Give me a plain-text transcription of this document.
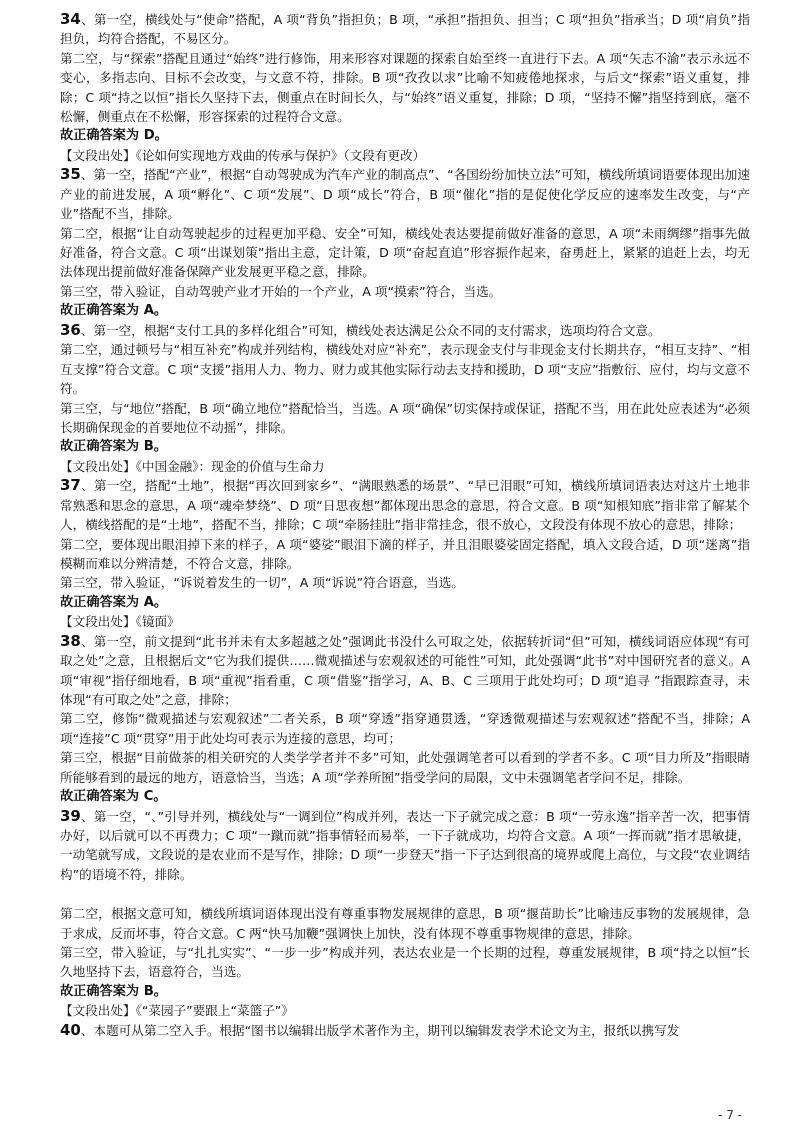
34、第一空，横线处与“使命”搭配，A 项“背负”指担负；B 项，“承担”指担负、担当；C 项“担负”指承当；D 项“肩负”指担负，均符合搭配，不易区分。

第二空，与“探索”搭配且通过“始终”进行修饰，用来形容对课题的探索自始至终一直进行下去。A 项“矢志不渝”表示永远不变心，多指志向、目标不会改变，与文意不符，排除。B 项“孜孜以求”比喻不知疲倦地探求，与后文“探索”语义重复，排除；C 项“持之以恒”指长久坚持下去，侧重点在时间长久，与“始终”语义重复，排除；D 项，“坚持不懈”指坚持到底，毫不松懈，侧重点在不松懈，形容探索的过程符合文意。

故正确答案为 D。

【文段出处】《论如何实现地方戏曲的传承与保护》（文段有更改）

35、第一空，搭配“产业”，根据“自动驾驶成为汽车产业的制高点”、“各国纷纷加快立法”可知，横线所填词语要体现出加速产业的前进发展，A 项“孵化”、C 项“发展”、D 项“成长”符合，B 项“催化”指的是促使化学反应的速率发生改变，与“产业”搭配不当，排除。

第二空，根据“让自动驾驶起步的过程更加平稳、安全”可知，横线处表达要提前做好准备的意思，A 项“未雨绸缪”指事先做好准备，符合文意。C 项“出谋划策”指出主意，定计策，D 项“奋起直追”形容振作起来，奋勇赶上，紧紧的追赶上去，均无法体现出提前做好准备保障产业发展更平稳之意，排除。

第三空，带入验证，自动驾驶产业才开始的一个产业，A 项“摸索”符合，当选。

故正确答案为 A。

36、第一空，根据“支付工具的多样化组合”可知，横线处表达满足公众不同的支付需求，选项均符合文意。

第二空，通过顿号与“相互补充”构成并列结构，横线处对应“补充”，表示现金支付与非现金支付长期共存，“相互支持”、“相互支撑”符合文意。C 项“支援”指用人力、物力、财力或其他实际行动去支持和援助，D 项“支应”指敷衍、应付，均与文意不符。

第三空，与“地位”搭配，B 项“确立地位”搭配恰当，当选。A 项“确保”切实保持或保证，搭配不当，用在此处应表述为“必须长期确保现金的首要地位不动摇”，排除。

故正确答案为 B。

【文段出处】《中国金融》：现金的价值与生命力

37、第一空，搭配“土地”，根据“再次回到家乡”、“满眼熟悉的场景”、“早已泪眼”可知，横线所填词语表达对这片土地非常熟悉和思念的意思，A 项“魂牵梦绕”、D 项“日思夜想”都体现出思念的意思，符合文意。B 项“知根知底”指非常了解某个人，横线搭配的是“土地”，搭配不当，排除；C 项“牵肠挂肚”指非常挂念，很不放心，文段没有体现不放心的意思，排除；

第二空，要体现出眼泪掉下来的样子，A 项“婆娑”眼泪下滴的样子，并且泪眼婆娑固定搭配，填入文段合适，D 项“迷离”指模糊而难以分辨清楚，不符合文意，排除。

第三空，带入验证，“诉说着发生的一切”，A 项“诉说”符合语意，当选。

故正确答案为 A。

【文段出处】《镜面》

38、第一空，前文提到“此书并未有太多超越之处”强调此书没什么可取之处，依据转折词“但”可知，横线词语应体现“有可取之处”之意，且根据后文“它为我们提供……微观描述与宏观叙述的可能性”可知，此处强调“此书”对中国研究者的意义。A 项“审视”指仔细地看，B 项“重视”指看重，C 项“借鉴”指学习，A、B、C 三项用于此处均可；D 项“追寻 ”指跟踪查寻，未体现“有可取之处”之意，排除；

第二空，修饰“微观描述与宏观叙述”二者关系，B 项“穿透”指穿通贯透，“穿透微观描述与宏观叙述”搭配不当，排除；A 项“连接”C 项“贯穿”用于此处均可表示为连接的意思，均可；

第三空，根据“目前做茶的相关研究的人类学学者并不多”可知，此处强调笔者可以看到的学者不多。C 项“目力所及”指眼睛所能够看到的最远的地方，语意恰当，当选；A 项“学养所囿”指受学问的局限，文中未强调笔者学问不足，排除。

故正确答案为 C。

39、第一空，“、”引导并列，横线处与“一调到位”构成并列，表达一下子就完成之意：B 项“一劳永逸”指辛苦一次，把事情办好，以后就可以不再费力；C 项“一蹴而就”指事情轻而易举，一下子就成功，均符合文意。A 项“一挥而就”指才思敏捷，一动笔就写成，文段说的是农业而不是写作，排除；D 项“一步登天”指一下子达到很高的境界或爬上高位，与文段“农业调结构”的语境不符，排除。

第二空，根据文意可知，横线所填词语体现出没有尊重事物发展规律的意思，B 项“揠苗助长”比喻违反事物的发展规律，急于求成，反而坏事，符合文意。C 两“快马加鞭”强调快上加快，没有体现不尊重事物规律的意思，排除。

第三空，带入验证，与“扎扎实实”、“一步一步”构成并列，表达农业是一个长期的过程，尊重发展规律，B 项“持之以恒”长久地坚持下去，语意符合，当选。

故正确答案为 B。

【文段出处】《“菜园子”要跟上“菜篮子”》

40、本题可从第二空入手。根据“图书以编辑出版学术著作为主，期刊以编辑发表学术论文为主，报纸以携写发

- 7 -
